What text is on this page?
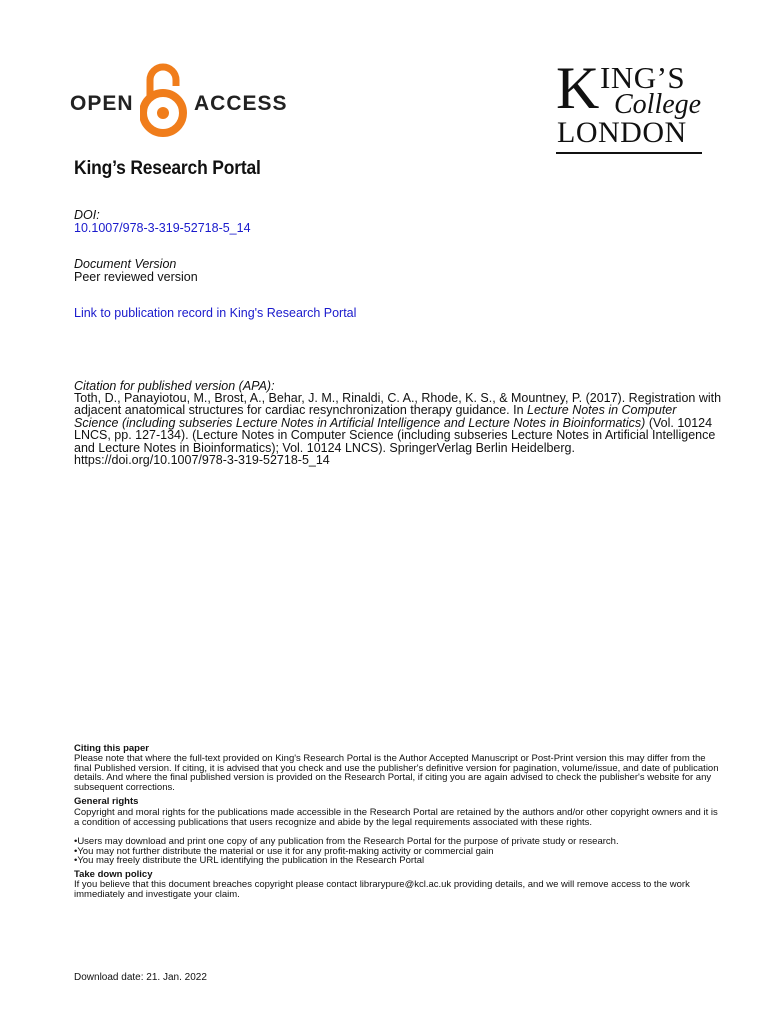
OPEN	ACCESS	K ING’S
College
LONDON
King’s Research Portal
DOI:
10.1007/978-3-319-52718-5_14
Document Version
Peer reviewed version
Link to publication record in King's Research Portal
Citation for published version (APA):
Toth, D., Panayiotou, M., Brost, A., Behar, J. M., Rinaldi, C. A., Rhode, K. S., & Mountney, P. (2017). Registration with adjacent anatomical structures for cardiac resynchronization therapy guidance. In Lecture Notes in Computer Science (including subseries Lecture Notes in Artificial Intelligence and Lecture Notes in Bioinformatics) (Vol. 10124 LNCS, pp. 127-134). (Lecture Notes in Computer Science (including subseries Lecture Notes in Artificial Intelligence and Lecture Notes in Bioinformatics); Vol. 10124 LNCS). SpringerVerlag Berlin Heidelberg. https://doi.org/10.1007/978-3-319-52718-5_14
Citing this paper
Please note that where the full-text provided on King's Research Portal is the Author Accepted Manuscript or Post-Print version this may differ from the final Published version. If citing, it is advised that you check and use the publisher's definitive version for pagination, volume/issue, and date of publication details. And where the final published version is provided on the Research Portal, if citing you are again advised to check the publisher's website for any subsequent corrections.
General rights
Copyright and moral rights for the publications made accessible in the Research Portal are retained by the authors and/or other copyright owners and it is a condition of accessing publications that users recognize and abide by the legal requirements associated with these rights.
•Users may download and print one copy of any publication from the Research Portal for the purpose of private study or research.
•You may not further distribute the material or use it for any profit-making activity or commercial gain
•You may freely distribute the URL identifying the publication in the Research Portal
Take down policy
If you believe that this document breaches copyright please contact librarypure@kcl.ac.uk providing details, and we will remove access to the work immediately and investigate your claim.
Download date: 21. Jan. 2022
